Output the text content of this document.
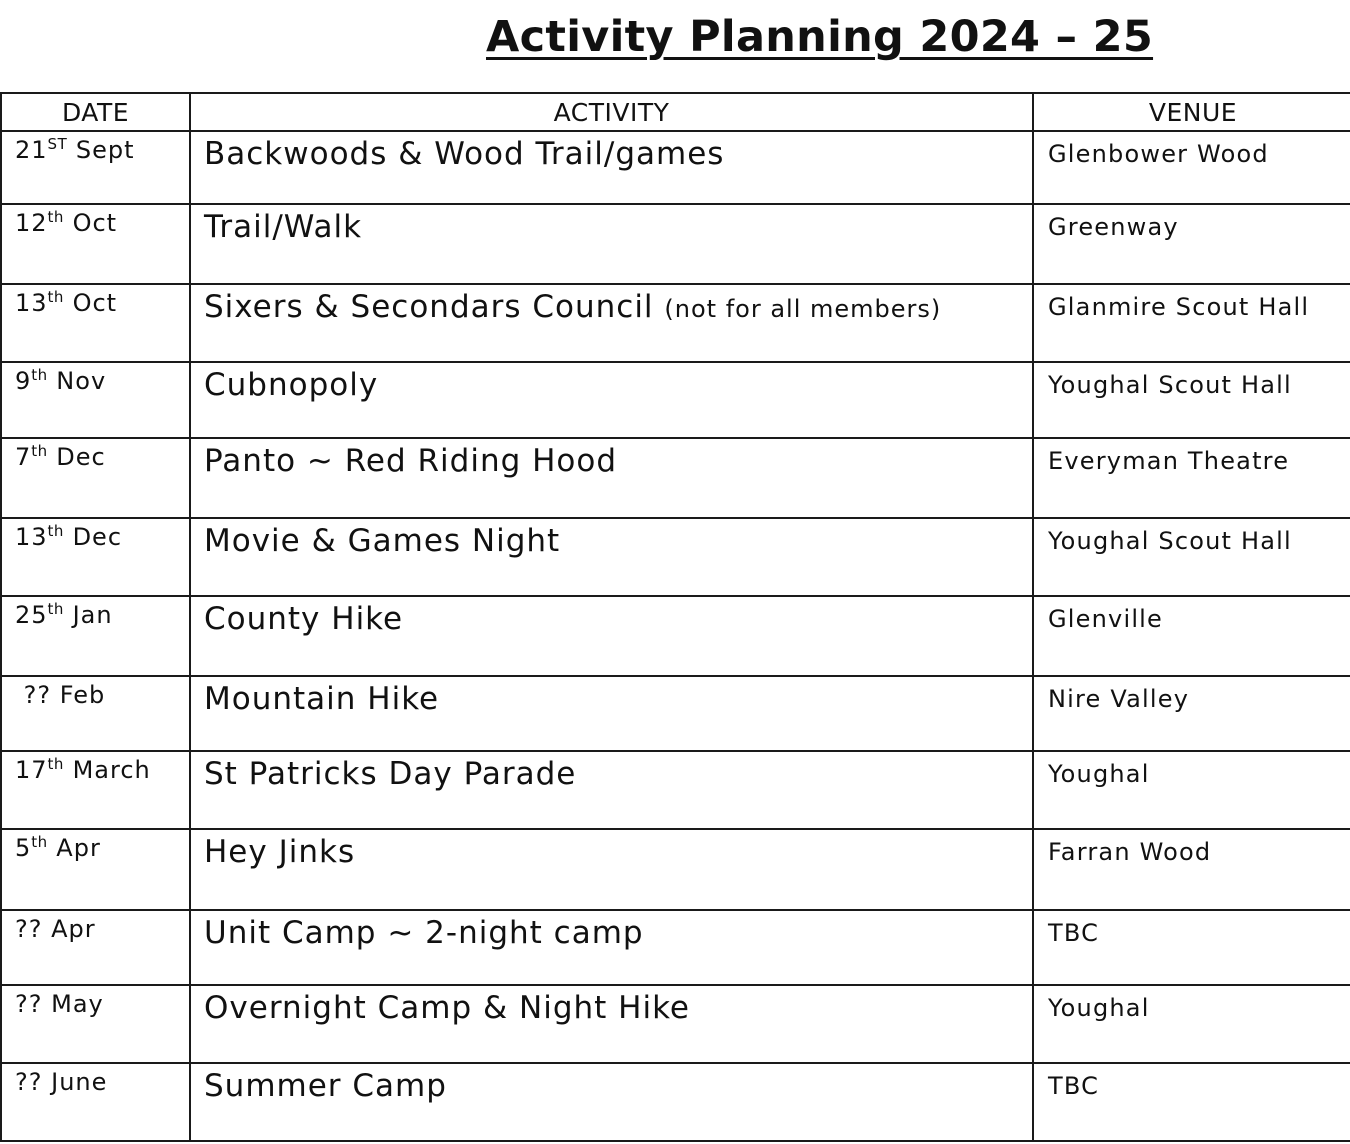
Activity Planning 2024 – 25
DATE	ACTIVITY	VENUE
21ST Sept	Backwoods & Wood Trail/games	Glenbower Wood
12th Oct	Trail/Walk	Greenway
13th Oct	Sixers & Secondars Council (not for all members)	Glanmire Scout Hall
9th Nov	Cubnopoly	Youghal Scout Hall
7th Dec	Panto ~ Red Riding Hood	Everyman Theatre
13th Dec	Movie & Games Night	Youghal Scout Hall
25th Jan	County Hike	Glenville
?? Feb	Mountain Hike	Nire Valley
17th March	St Patricks Day Parade	Youghal
5th Apr	Hey Jinks	Farran Wood
?? Apr	Unit Camp ~ 2-night camp	TBC
?? May	Overnight Camp & Night Hike	Youghal
?? June	Summer Camp	TBC
